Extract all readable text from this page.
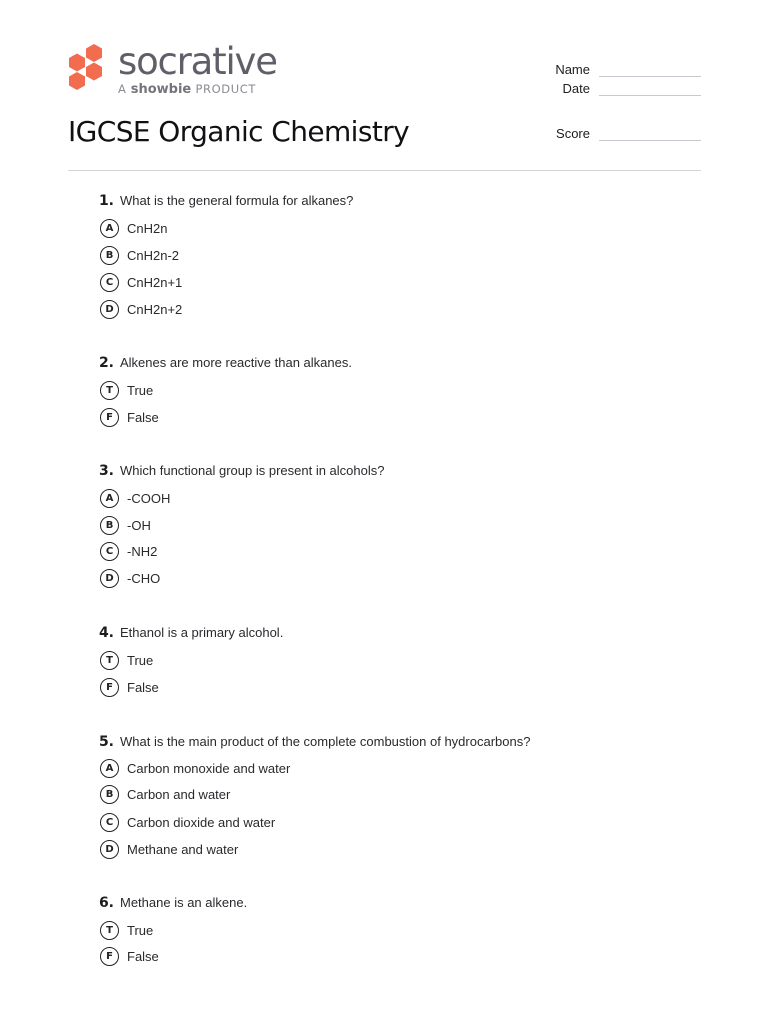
socrative
A showbie PRODUCT
Name
Date
Score
IGCSE Organic Chemistry
1. What is the general formula for alkanes?
A	CnH2n
B	CnH2n-2
C	CnH2n+1
D	CnH2n+2
2. Alkenes are more reactive than alkanes.
T	True
F	False
3. Which functional group is present in alcohols?
A	-COOH
B	-OH
C	-NH2
D	-CHO
4. Ethanol is a primary alcohol.
T	True
F	False
5. What is the main product of the complete combustion of hydrocarbons?
A	Carbon monoxide and water
B	Carbon and water
C	Carbon dioxide and water
D	Methane and water
6. Methane is an alkene.
T	True
F	False
